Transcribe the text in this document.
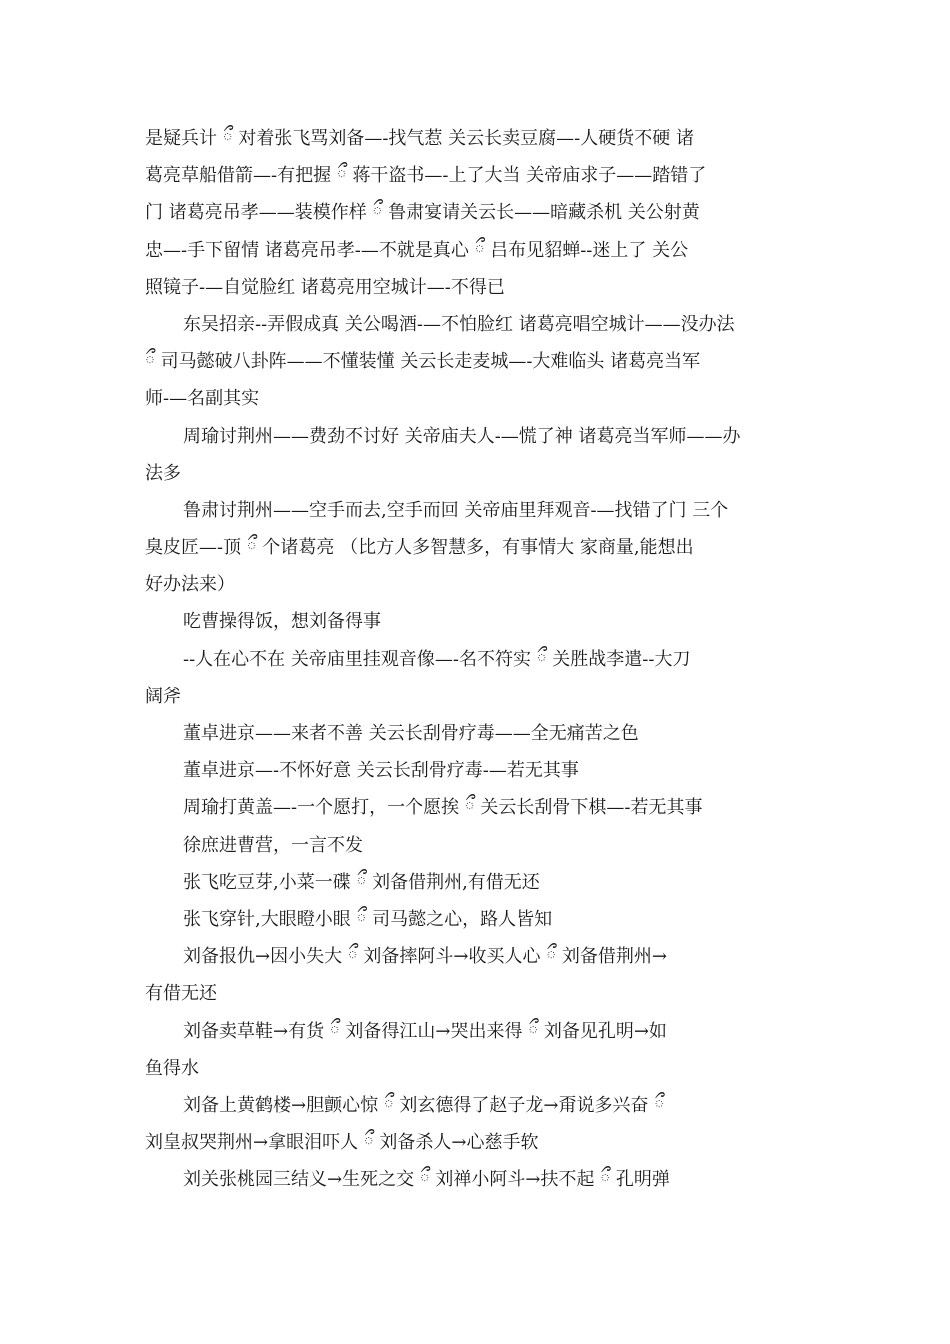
是疑兵计 ྀ 对着张飞骂刘备—-找气惹 关云长卖豆腐—-人硬货不硬 诸
葛亮草船借箭—-有把握 ྀ 蒋干盗书—-上了大当 关帝庙求子——踏错了
门 诸葛亮吊孝——装模作样 ྀ 鲁肃宴请关云长——暗藏杀机 关公射黄
忠—-手下留情 诸葛亮吊孝-—不就是真心 ྀ 吕布见貂蝉--迷上了 关公
照镜子-—自觉脸红 诸葛亮用空城计—-不得已
东吴招亲--弄假成真 关公喝酒-—不怕脸红 诸葛亮唱空城计——没办法
ྀ 司马懿破八卦阵——不懂装懂 关云长走麦城—-大难临头 诸葛亮当军
师-—名副其实
周瑜讨荆州——费劲不讨好 关帝庙夫人-—慌了神 诸葛亮当军师——办
法多
鲁肃讨荆州——空手而去,空手而回 关帝庙里拜观音-—找错了门 三个
臭皮匠—-顶 ྀ 个诸葛亮 （比方人多智慧多，有事情大 家商量,能想出
好办法来）
吃曹操得饭，想刘备得事
--人在心不在 关帝庙里挂观音像—-名不符实 ྀ 关胜战李遣--大刀
阔斧
董卓进京——来者不善 关云长刮骨疗毒——全无痛苦之色
董卓进京—-不怀好意 关云长刮骨疗毒-—若无其事
周瑜打黄盖—-一个愿打，一个愿挨 ྀ 关云长刮骨下棋—-若无其事
徐庶进曹营，一言不发
张飞吃豆芽,小菜一碟 ྀ 刘备借荆州,有借无还
张飞穿针,大眼瞪小眼 ྀ 司马懿之心，路人皆知
刘备报仇→因小失大 ྀ 刘备摔阿斗→收买人心 ྀ 刘备借荆州→
有借无还
刘备卖草鞋→有货 ྀ 刘备得江山→哭出来得 ྀ 刘备见孔明→如
鱼得水
刘备上黄鹤楼→胆颤心惊 ྀ 刘玄德得了赵子龙→甭说多兴奋 ྀ
刘皇叔哭荆州→拿眼泪吓人 ྀ 刘备杀人→心慈手软
刘关张桃园三结义→生死之交 ྀ 刘禅小阿斗→扶不起 ྀ 孔明弹
